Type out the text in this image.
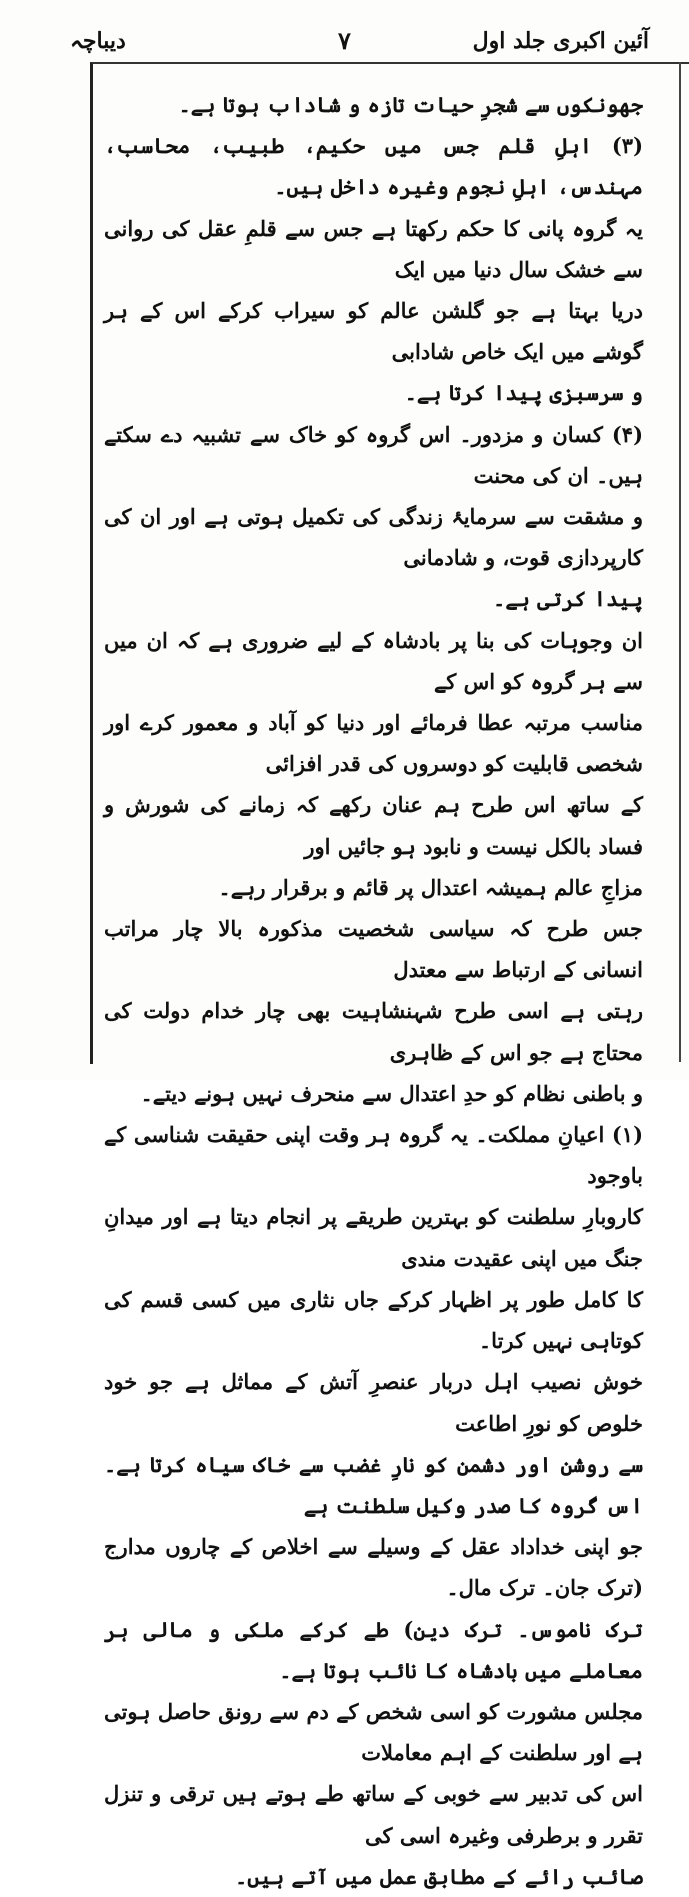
آئین اکبری جلد اول
۷
دیباچہ

جھونکوں سے شجرِ حیات تازہ و شاداب ہوتا ہے۔

(۳) اہلِ قلم جس میں حکیم، طبیب، محاسب، مہندس، اہلِ نجوم وغیرہ داخل ہیں۔

یہ گروہ پانی کا حکم رکھتا ہے جس سے قلمِ عقل کی روانی سے خشک سال دنیا میں ایک

دریا بہتا ہے جو گلشن عالم کو سیراب کرکے اس کے ہر گوشے میں ایک خاص شادابی

و سرسبزی پیدا کرتا ہے۔

(۴) کسان و مزدور۔ اس گروہ کو خاک سے تشبیہ دے سکتے ہیں۔ ان کی محنت

و مشقت سے سرمایۂ زندگی کی تکمیل ہوتی ہے اور ان کی کارپردازی قوت، و شادمانی

پیدا کرتی ہے۔

ان وجوہات کی بنا پر بادشاہ کے لیے ضروری ہے کہ ان میں سے ہر گروہ کو اس کے

مناسب مرتبہ عطا فرمائے اور دنیا کو آباد و معمور کرے اور شخصی قابلیت کو دوسروں کی قدر افزائی

کے ساتھ اس طرح ہم عنان رکھے کہ زمانے کی شورش و فساد بالکل نیست و نابود ہو جائیں اور

مزاجِ عالم ہمیشہ اعتدال پر قائم و برقرار رہے۔

جس طرح کہ سیاسی شخصیت مذکورہ بالا چار مراتب انسانی کے ارتباط سے معتدل

رہتی ہے اسی طرح شہنشاہیت بھی چار خدام دولت کی محتاج ہے جو اس کے ظاہری

و باطنی نظام کو حدِ اعتدال سے منحرف نہیں ہونے دیتے۔

(۱) اعیانِ مملکت۔ یہ گروہ ہر وقت اپنی حقیقت شناسی کے باوجود

کاروبارِ سلطنت کو بہترین طریقے پر انجام دیتا ہے اور میدانِ جنگ میں اپنی عقیدت مندی

کا کامل طور پر اظہار کرکے جاں نثاری میں کسی قسم کی کوتاہی نہیں کرتا۔

خوش نصیب اہل دربار عنصرِ آتش کے مماثل ہے جو خود خلوص کو نورِ اطاعت

سے روشن اور دشمن کو نارِ غضب سے خاک سیاہ کرتا ہے۔ اس گروہ کا صدر وکیل سلطنت ہے

جو اپنی خداداد عقل کے وسیلے سے اخلاص کے چاروں مدارج (ترک جان۔ ترک مال۔

ترک ناموس۔ ترک دین) طے کرکے ملکی و مالی ہر معاملے میں بادشاہ کا نائب ہوتا ہے۔

مجلس مشورت کو اسی شخص کے دم سے رونق حاصل ہوتی ہے اور سلطنت کے اہم معاملات

اس کی تدبیر سے خوبی کے ساتھ طے ہوتے ہیں ترقی و تنزل تقرر و برطرفی وغیرہ اسی کی

صائب رائے کے مطابق عمل میں آتے ہیں۔
